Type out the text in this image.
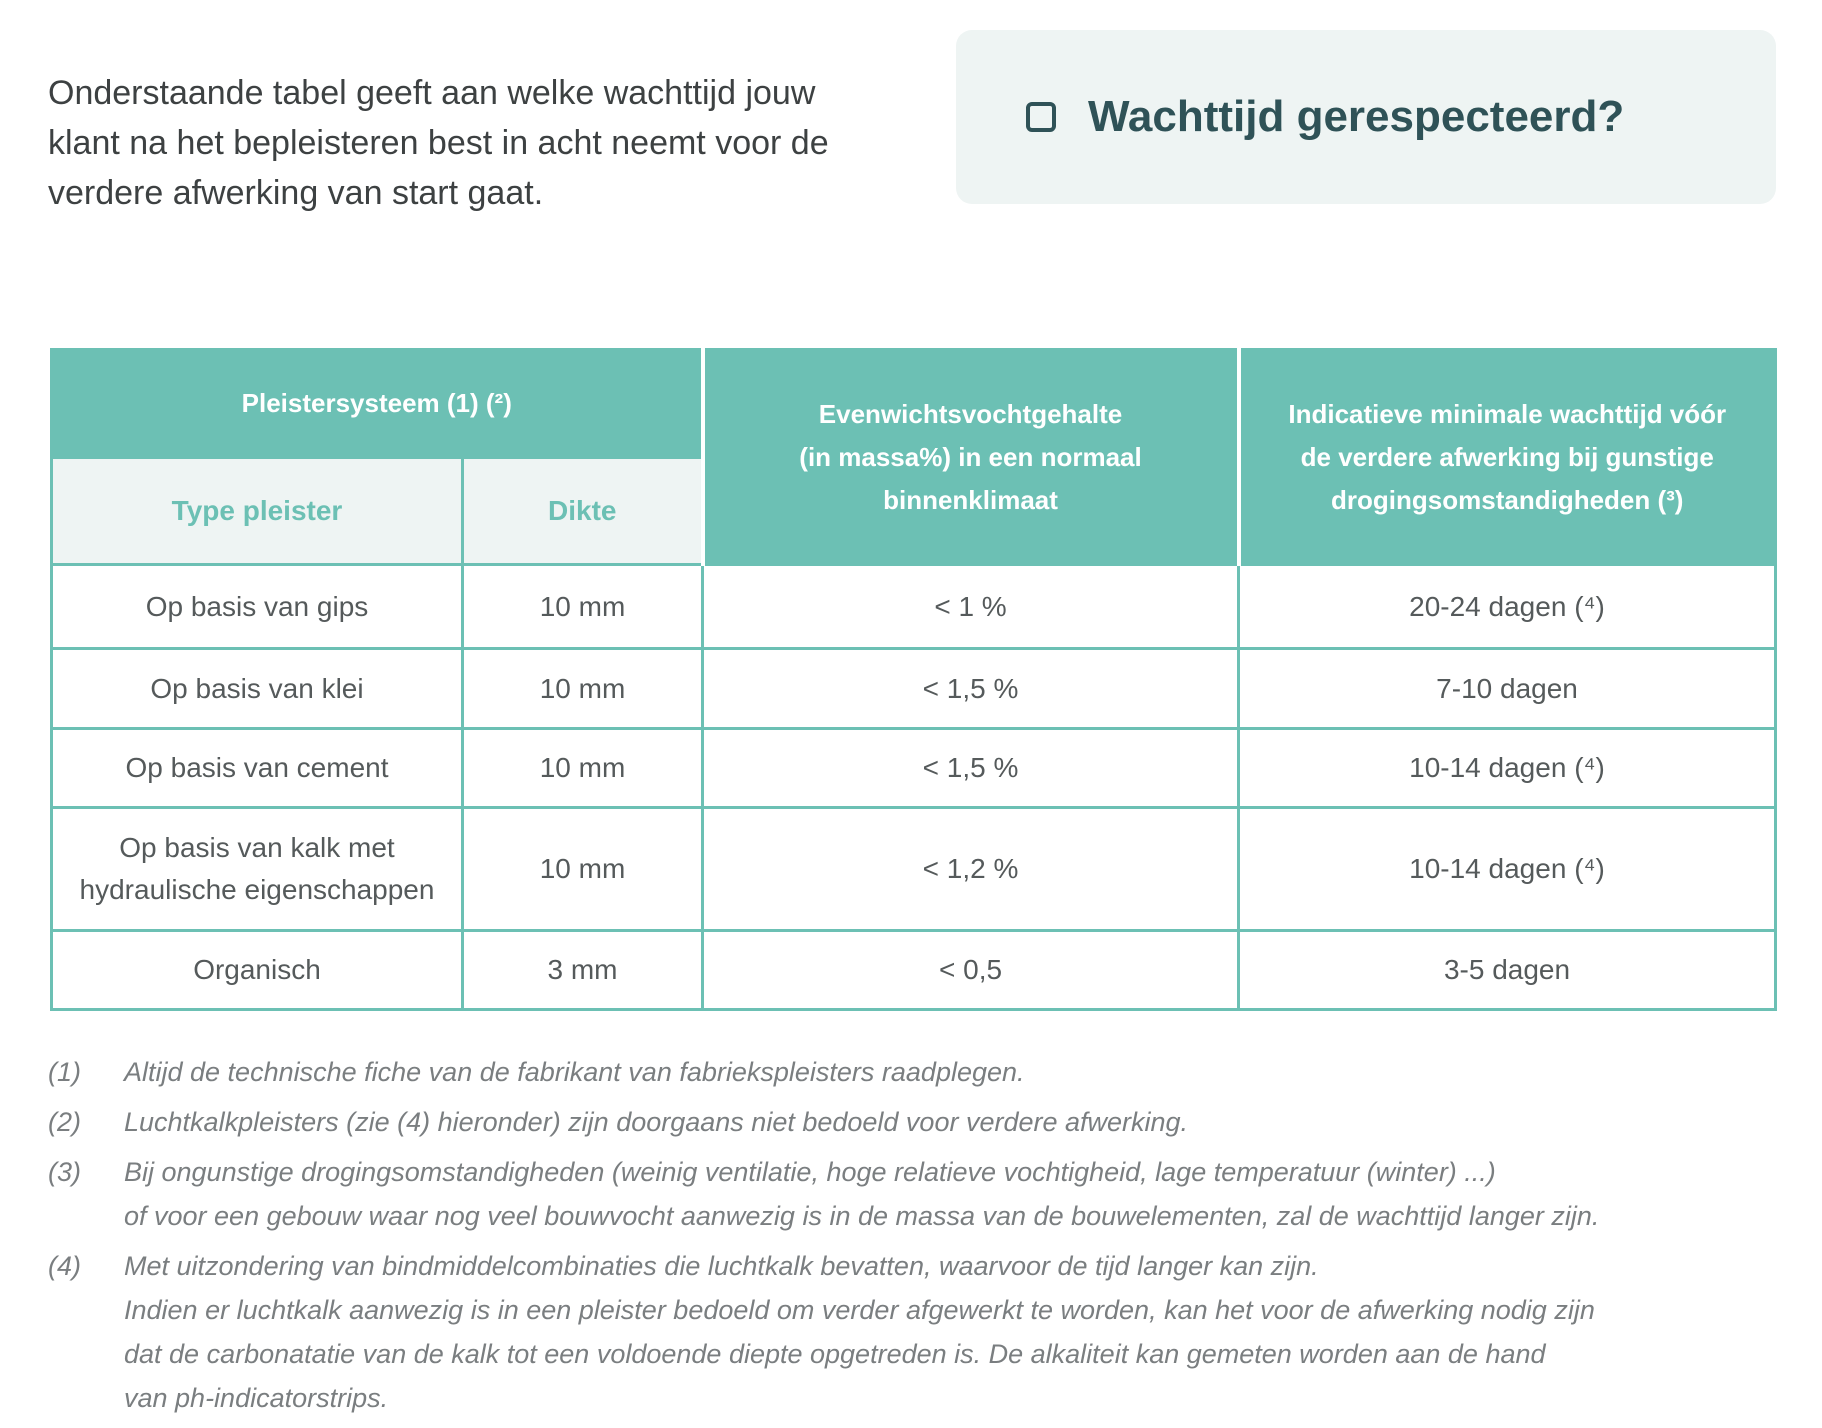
Onderstaande tabel geeft aan welke wachttijd jouw klant na het bepleisteren best in acht neemt voor de verdere afwerking van start gaat.

Wachttijd gerespecteerd?
Pleistersysteem (1) (²)		Evenwichtsvochtgehalte
(in massa%) in een normaal
binnenklimaat	Indicatieve minimale wachttijd vóór
de verdere afwerking bij gunstige
drogingsomstandigheden (³)

Type pleister	Dikte		
Op basis van gips	10 mm	< 1 %	20-24 dagen (⁴)
Op basis van klei	10 mm	< 1,5 %	7-10 dagen
Op basis van cement	10 mm	< 1,5 %	10-14 dagen (⁴)

Op basis van kalk met
hydraulische eigenschappen	10 mm	< 1,2 %	10-14 dagen (⁴)
Organisch	3 mm	< 0,5	3-5 dagen
(1)	Altijd de technische fiche van de fabrikant van fabriekspleisters raadplegen.
(2)	Luchtkalkpleisters (zie (4) hieronder) zijn doorgaans niet bedoeld voor verdere afwerking.
(3)	Bij ongunstige drogingsomstandigheden (weinig ventilatie, hoge relatieve vochtigheid, lage temperatuur (winter) ...)
of voor een gebouw waar nog veel bouwvocht aanwezig is in de massa van de bouwelementen, zal de wachttijd langer zijn.
(4)	Met uitzondering van bindmiddelcombinaties die luchtkalk bevatten, waarvoor de tijd langer kan zijn.
Indien er luchtkalk aanwezig is in een pleister bedoeld om verder afgewerkt te worden, kan het voor de afwerking nodig zijn
dat de carbonatatie van de kalk tot een voldoende diepte opgetreden is. De alkaliteit kan gemeten worden aan de hand
van ph-indicatorstrips.
